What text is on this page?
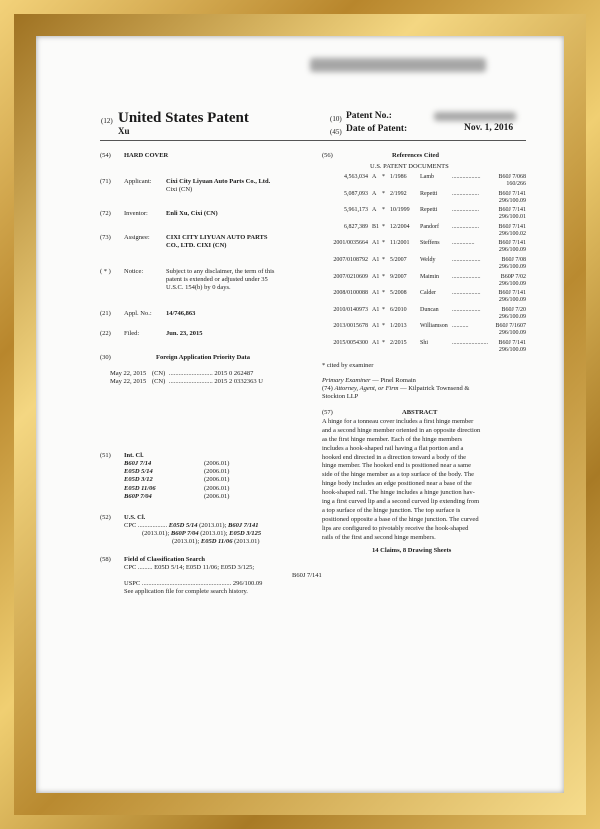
(12) United States Patent
Xu
(10) Patent No.:
(45) Date of Patent:	Nov. 1, 2016
(54) HARD COVER
(71) Applicant: Cixi City Liyuan Auto Parts Co., Ltd.
Cixi (CN)
(72) Inventor:	Enli Xu, Cixi (CN)
(73) Assignee:	CIXI CITY LIYUAN AUTO PARTS
CO., LTD. CIXI (CN)
( * ) Notice:	Subject to any disclaimer, the term of this
patent is extended or adjusted under 35
U.S.C. 154(b) by 0 days.
(21) Appl. No.: 14/746,863
(22) Filed:	Jun. 23, 2015
(30)	Foreign Application Priority Data
May 22, 2015 (CN) ........................... 2015 0 262487
May 22, 2015 (CN) ........................... 2015 2 0332363 U
(51) Int. Cl.
B60J 7/14	(2006.01)
E05D 5/14	(2006.01)
E05D 3/12	(2006.01)
E05D 11/06	(2006.01)
B60P 7/04	(2006.01)
(52) U.S. Cl.
CPC .................. E05D 5/14 (2013.01); B60J 7/141
(2013.01); B60P 7/04 (2013.01); E05D 3/125
(2013.01); E05D 11/06 (2013.01)
(58) Field of Classification Search
CPC ......... E05D 5/14; E05D 11/06; E05D 3/125;
B60J 7/141
USPC ....................................................... 296/100.09
See application file for complete search history.
(56)	References Cited
U.S. PATENT DOCUMENTS
4,563,034 A * 1/1986 Lamb	...................	B60J 7/068
160/266
5,087,093 A * 2/1992 Repetti ..................	B60J 7/141
296/100.09
5,961,173 A * 10/1999 Repetti ..................	B60J 7/141
296/100.01
6,827,389 B1 * 12/2004 Pandorf ..................	B60J 7/141
296/100.02
2001/0035664 A1 * 11/2001 Steffens ...............	B60J 7/141
296/100.09
2007/0108792 A1 * 5/2007 Weldy	...................	B60J 7/08
296/100.09
2007/0210609 A1 * 9/2007 Maimin ...................	B60P 7/02
296/100.09
2008/0100088 A1 * 5/2008 Calder	...................	B60J 7/141
296/100.09
2010/0140973 A1 * 6/2010 Duncan ...................	B60J 7/20
296/100.09
2013/0015678 A1 * 1/2013 Williamson ...........	B60J 7/1607
296/100.09
2015/0054300 A1 * 2/2015 Shi	........................ B60J 7/141
296/100.09
* cited by examiner
Primary Examiner — Pinel Romain
(74) Attorney, Agent, or Firm — Kilpatrick Townsend &
Stockton LLP
(57)	ABSTRACT
A hinge for a tonneau cover includes a first hinge member
and a second hinge member oriented in an opposite direction
as the first hinge member. Each of the hinge members
includes a hook-shaped rail having a flat portion and a
hooked end directed in a direction toward a body of the
hinge member. The hooked end is positioned near a same
side of the hinge member as a top surface of the body. The
hinge body includes an edge positioned near a base of the
hook-shaped rail. The hinge includes a hinge junction hav-
ing a first curved lip and a second curved lip extending from
a top surface of the hinge junction. The top surface is
positioned opposite a base of the hinge junction. The curved
lips are configured to pivotably receive the hook-shaped
rails of the first and second hinge members.
14 Claims, 8 Drawing Sheets
